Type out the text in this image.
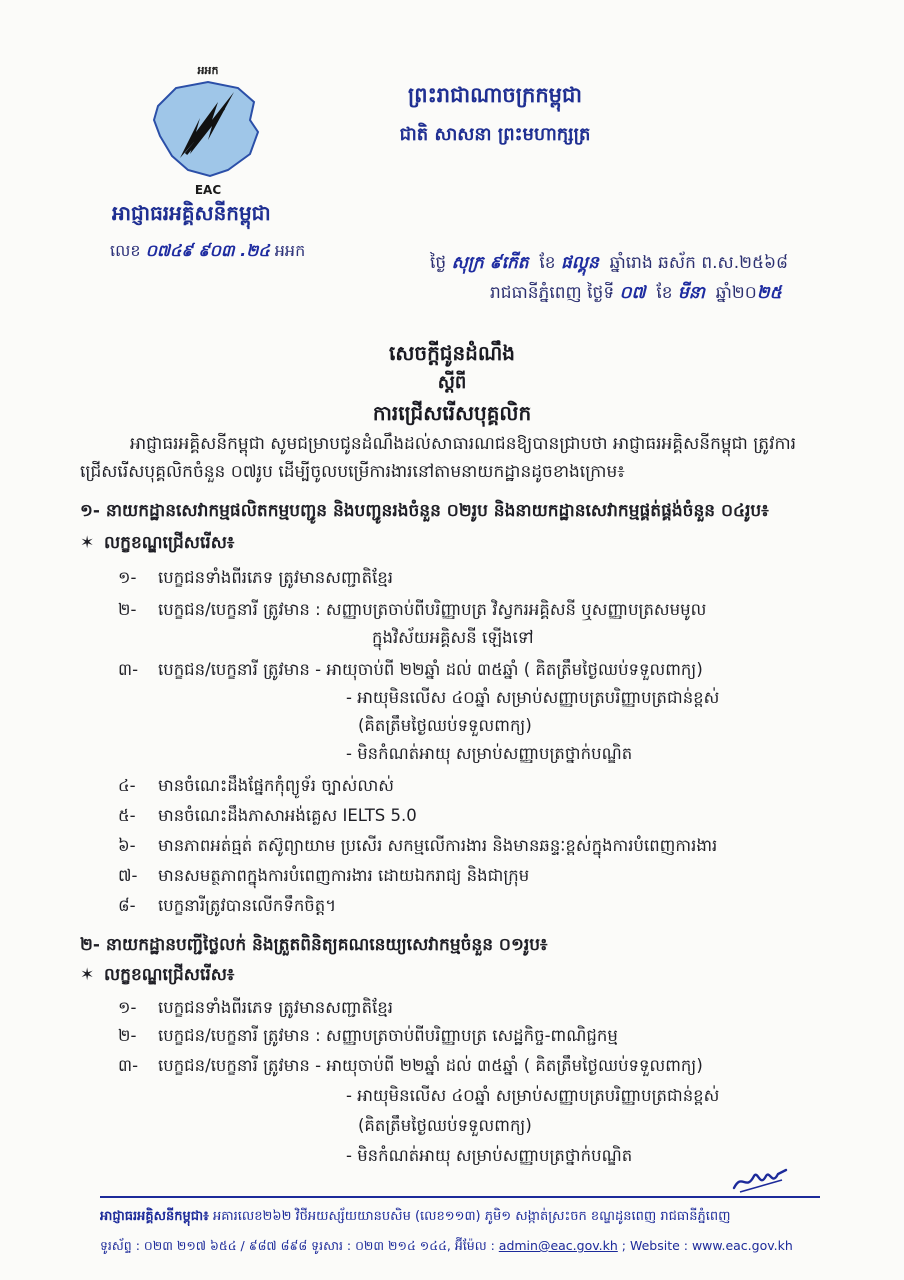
អអក
EAC
អាជ្ញាធរអគ្គិសនីកម្ពុជា
លេខ ០៧៤៩ ៩០៣ .២៤ អអក
ព្រះរាជាណាចក្រកម្ពុជា
ជាតិ សាសនា ព្រះមហាក្សត្រ
ថ្ងៃ សុក្រ ៩កើត ខែ ផល្គុន ឆ្នាំរោង ឆស័ក ព.ស.២៥៦៨
រាជធានីភ្នំពេញ ថ្ងៃទី ០៧ ខែ មីនា ឆ្នាំ២០២៥
សេចក្តីជូនដំណឹង
ស្តីពី
ការជ្រើសរើសបុគ្គលិក
អាជ្ញាធរអគ្គិសនីកម្ពុជា សូមជម្រាបជូនដំណឹងដល់សាធារណជនឱ្យបានជ្រាបថា អាជ្ញាធរអគ្គិសនីកម្ពុជា ត្រូវការជ្រើសរើសបុគ្គលិកចំនួន ០៧រូប ដើម្បីចូលបម្រើការងារនៅតាមនាយកដ្ឋានដូចខាងក្រោម៖
១- នាយកដ្ឋានសេវាកម្មផលិតកម្មបញ្ជូន និងបញ្ជូនរងចំនួន ០២រូប និងនាយកដ្ឋានសេវាកម្មផ្គត់ផ្គង់ចំនួន ០៤រូប៖
✶ លក្ខខណ្ឌជ្រើសរើស៖
១- បេក្ខជនទាំងពីរភេទ ត្រូវមានសញ្ជាតិខ្មែរ
២- បេក្ខជន/បេក្ខនារី ត្រូវមាន : សញ្ញាបត្រចាប់ពីបរិញ្ញាបត្រ វិស្វករអគ្គិសនី ឬសញ្ញាបត្រសមមូល
ក្នុងវិស័យអគ្គិសនី ឡើងទៅ
៣- បេក្ខជន/បេក្ខនារី ត្រូវមាន - អាយុចាប់ពី ២២ឆ្នាំ ដល់ ៣៥ឆ្នាំ ( គិតត្រឹមថ្ងៃឈប់ទទួលពាក្យ)
- អាយុមិនលើស ៤០ឆ្នាំ សម្រាប់សញ្ញាបត្របរិញ្ញាបត្រជាន់ខ្ពស់
(គិតត្រឹមថ្ងៃឈប់ទទួលពាក្យ)
- មិនកំណត់អាយុ សម្រាប់សញ្ញាបត្រថ្នាក់បណ្ឌិត
៤- មានចំណេះដឹងផ្នែកកុំព្យូទ័រ ច្បាស់លាស់
៥- មានចំណេះដឹងភាសាអង់គ្លេស IELTS 5.0
៦- មានភាពអត់ធ្មត់ តស៊ូព្យាយាម ប្រសើរ សកម្មលើការងារ និងមានឆន្ទៈខ្ពស់ក្នុងការបំពេញការងារ
៧- មានសមត្ថភាពក្នុងការបំពេញការងារ ដោយឯករាជ្យ និងជាក្រុម
៨- បេក្ខនារីត្រូវបានលើកទឹកចិត្ត។
២- នាយកដ្ឋានបញ្ជីថ្លៃលក់ និងត្រួតពិនិត្យគណនេយ្យសេវាកម្មចំនួន ០១រូប៖
✶ លក្ខខណ្ឌជ្រើសរើស៖
១- បេក្ខជនទាំងពីរភេទ ត្រូវមានសញ្ជាតិខ្មែរ
២- បេក្ខជន/បេក្ខនារី ត្រូវមាន : សញ្ញាបត្រចាប់ពីបរិញ្ញាបត្រ សេដ្ឋកិច្ច-ពាណិជ្ជកម្ម
៣- បេក្ខជន/បេក្ខនារី ត្រូវមាន - អាយុចាប់ពី ២២ឆ្នាំ ដល់ ៣៥ឆ្នាំ ( គិតត្រឹមថ្ងៃឈប់ទទួលពាក្យ)
- អាយុមិនលើស ៤០ឆ្នាំ សម្រាប់សញ្ញាបត្របរិញ្ញាបត្រជាន់ខ្ពស់
(គិតត្រឹមថ្ងៃឈប់ទទួលពាក្យ)
- មិនកំណត់អាយុ សម្រាប់សញ្ញាបត្រថ្នាក់បណ្ឌិត
អាជ្ញាធរអគ្គិសនីកម្ពុជា៖ អគារលេខ២៦២ វិថីអយស្ស័យយានបសិម (លេខ១១៣) ភូមិ១ សង្កាត់ស្រះចក ខណ្ឌដូនពេញ រាជធានីភ្នំពេញ
ទូរស័ព្ទ : ០២៣ ២១៧ ៦៥៤ / ៩៨៧ ៨៩៨ ទូរសារ : ០២៣ ២១៤ ១៤៤, អ៊ីម៉ែល : admin@eac.gov.kh ; Website : www.eac.gov.kh
